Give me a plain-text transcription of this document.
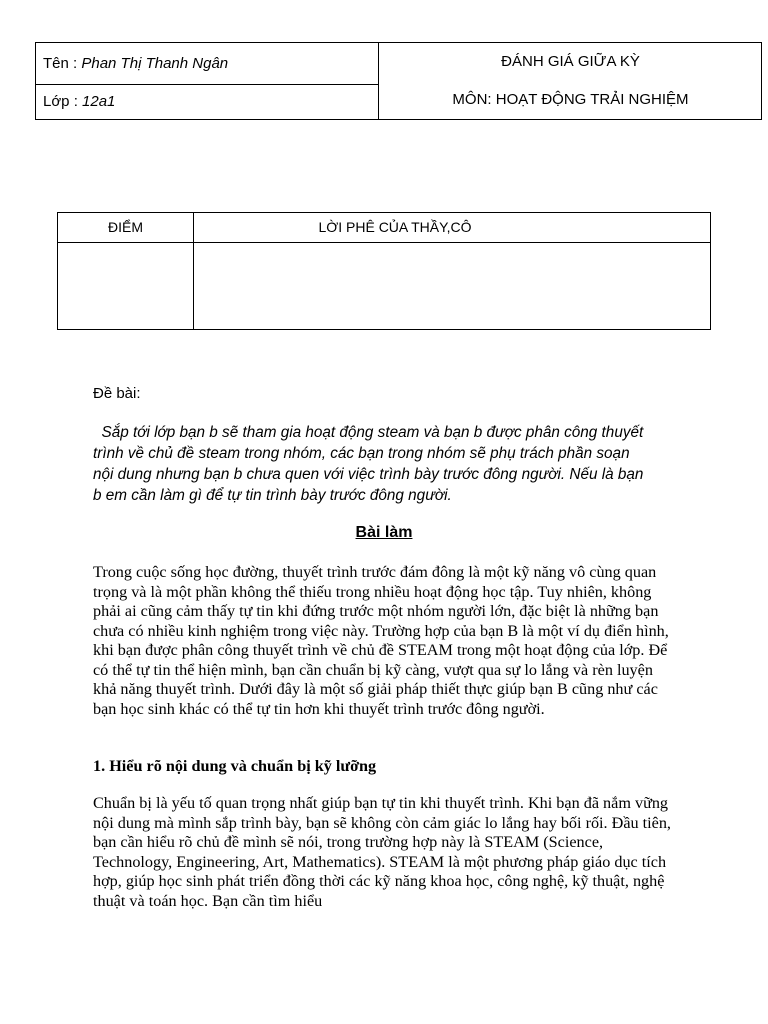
Tên : Phan Thị Thanh Ngân
Lớp : 12a1
ĐÁNH GIÁ GIỮA KỲ
MÔN: HOẠT ĐỘNG TRẢI NGHIỆM
ĐIỂM	LỜI PHÊ CỦA THẦY,CÔ
Đề bài:

Sắp tới lớp bạn b sẽ tham gia hoạt động steam và bạn b được phân công thuyết trình về chủ đề steam trong nhóm, các bạn trong nhóm sẽ phụ trách phần soạn nội dung nhưng bạn b chưa quen với việc trình bày trước đông người. Nếu là bạn b em cần làm gì để tự tin trình bày trước đông người.

Bài làm

Trong cuộc sống học đường, thuyết trình trước đám đông là một kỹ năng vô cùng quan trọng và là một phần không thể thiếu trong nhiều hoạt động học tập. Tuy nhiên, không phải ai cũng cảm thấy tự tin khi đứng trước một nhóm người lớn, đặc biệt là những bạn chưa có nhiều kinh nghiệm trong việc này. Trường hợp của bạn B là một ví dụ điển hình, khi bạn được phân công thuyết trình về chủ đề STEAM trong một hoạt động của lớp. Để có thể tự tin thể hiện mình, bạn cần chuẩn bị kỹ càng, vượt qua sự lo lắng và rèn luyện khả năng thuyết trình. Dưới đây là một số giải pháp thiết thực giúp bạn B cũng như các bạn học sinh khác có thể tự tin hơn khi thuyết trình trước đông người.

1. Hiểu rõ nội dung và chuẩn bị kỹ lưỡng

Chuẩn bị là yếu tố quan trọng nhất giúp bạn tự tin khi thuyết trình. Khi bạn đã nắm vững nội dung mà mình sắp trình bày, bạn sẽ không còn cảm giác lo lắng hay bối rối. Đầu tiên, bạn cần hiểu rõ chủ đề mình sẽ nói, trong trường hợp này là STEAM (Science, Technology, Engineering, Art, Mathematics). STEAM là một phương pháp giáo dục tích hợp, giúp học sinh phát triển đồng thời các kỹ năng khoa học, công nghệ, kỹ thuật, nghệ thuật và toán học. Bạn cần tìm hiểu
